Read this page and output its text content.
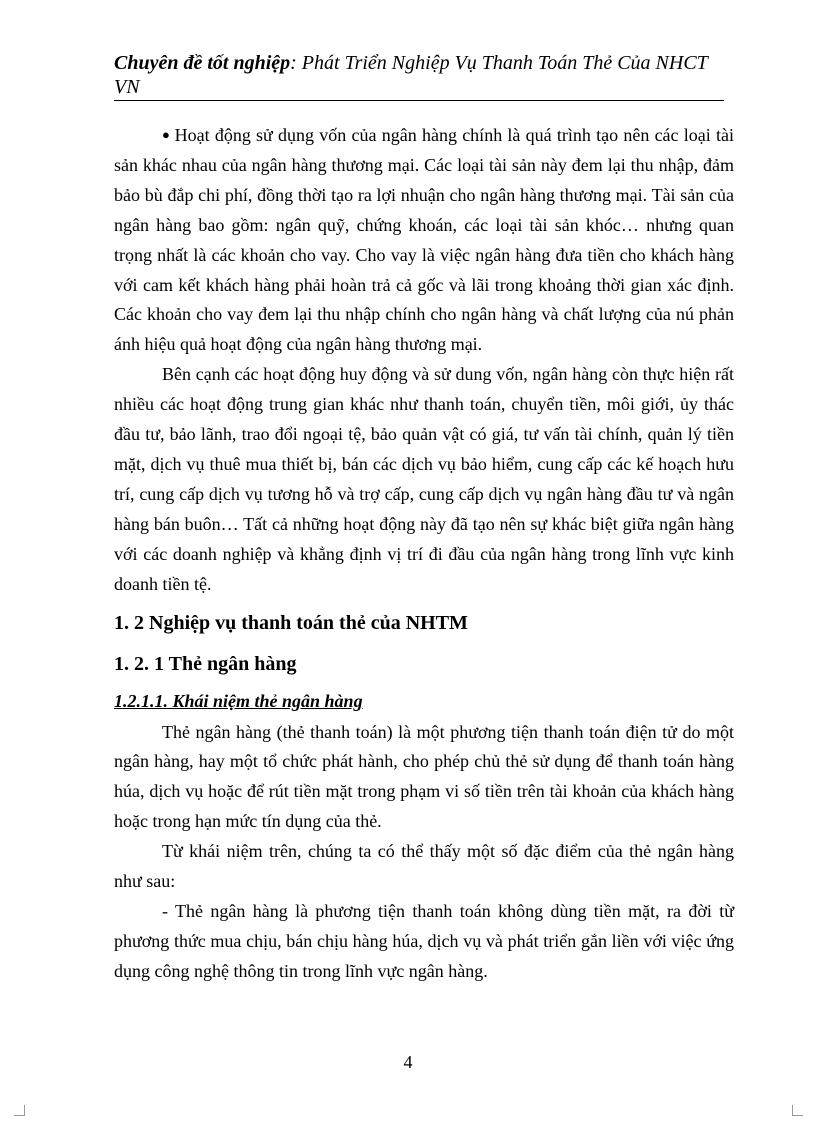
Chuyên đề tốt nghiệp: Phát Triển Nghiệp Vụ Thanh Toán Thẻ Của NHCT VN

● Hoạt động sử dụng vốn của ngân hàng chính là quá trình tạo nên các loại tài sản khác nhau của ngân hàng thương mại. Các loại tài sản này đem lại thu nhập, đảm bảo bù đắp chi phí, đồng thời tạo ra lợi nhuận cho ngân hàng thương mại. Tài sản của ngân hàng bao gồm: ngân quỹ, chứng khoán, các loại tài sản khóc… nhưng quan trọng nhất là các khoản cho vay. Cho vay là việc ngân hàng đưa tiền cho khách hàng với cam kết khách hàng phải hoàn trả cả gốc và lãi trong khoảng thời gian xác định. Các khoản cho vay đem lại thu nhập chính cho ngân hàng và chất lượng của nú phản ánh hiệu quả hoạt động của ngân hàng thương mại.

Bên cạnh các hoạt động huy động và sử dung vốn, ngân hàng còn thực hiện rất nhiều các hoạt động trung gian khác như thanh toán, chuyển tiền, môi giới, ủy thác đầu tư, bảo lãnh, trao đổi ngoại tệ, bảo quản vật có giá, tư vấn tài chính, quản lý tiền mặt, dịch vụ thuê mua thiết bị, bán các dịch vụ bảo hiểm, cung cấp các kế hoạch hưu trí, cung cấp dịch vụ tương hỗ và trợ cấp, cung cấp dịch vụ ngân hàng đầu tư và ngân hàng bán buôn… Tất cả những hoạt động này đã tạo nên sự khác biệt giữa ngân hàng với các doanh nghiệp và khẳng định vị trí đi đầu của ngân hàng trong lĩnh vực kinh doanh tiền tệ.

1. 2 Nghiệp vụ thanh toán thẻ của NHTM

1. 2. 1 Thẻ ngân hàng

1.2.1.1. Khái niệm thẻ ngân hàng

Thẻ ngân hàng (thẻ thanh toán) là một phương tiện thanh toán điện tử do một ngân hàng, hay một tổ chức phát hành, cho phép chủ thẻ sử dụng để thanh toán hàng húa, dịch vụ hoặc để rút tiền mặt trong phạm vi số tiền trên tài khoản của khách hàng hoặc trong hạn mức tín dụng của thẻ.

Từ khái niệm trên, chúng ta có thể thấy một số đặc điểm của thẻ ngân hàng như sau:

- Thẻ ngân hàng là phương tiện thanh toán không dùng tiền mặt, ra đời từ phương thức mua chịu, bán chịu hàng húa, dịch vụ và phát triển gắn liền với việc ứng dụng công nghệ thông tin trong lĩnh vực ngân hàng.

4
